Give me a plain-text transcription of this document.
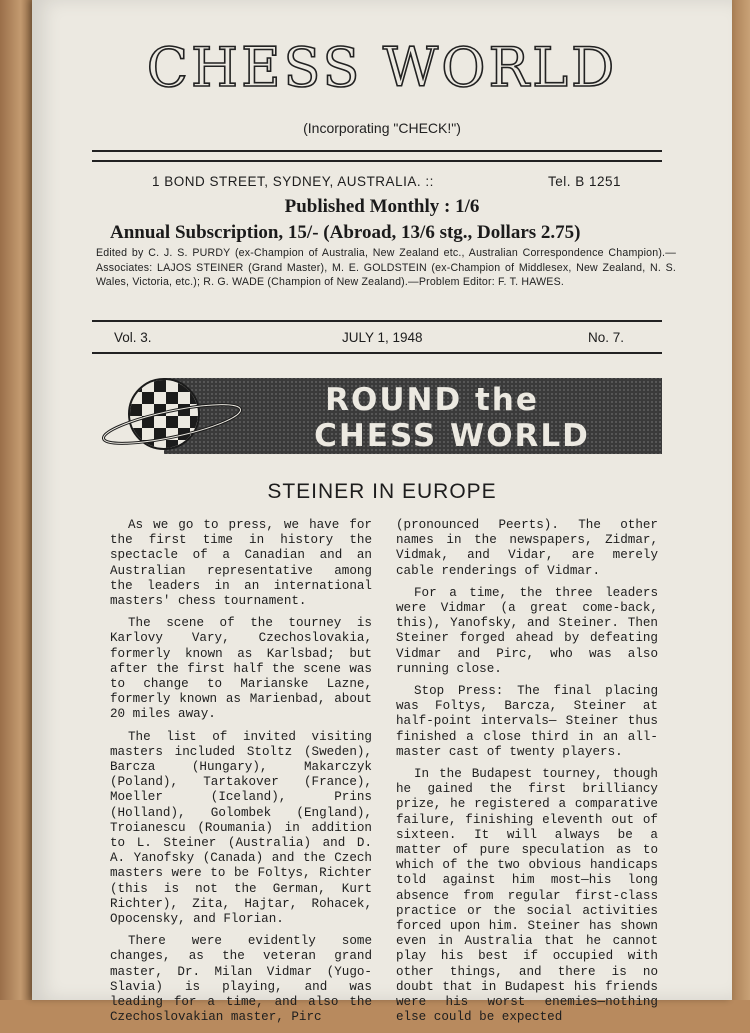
CHESS WORLD
(Incorporating "CHECK!")
1 BOND STREET, SYDNEY, AUSTRALIA. ::	Tel. B 1251
Published Monthly : 1/6
Annual Subscription, 15/- (Abroad, 13/6 stg., Dollars 2.75)
Edited by C. J. S. PURDY (ex-Champion of Australia, New Zealand etc., Australian Correspondence Champion).—Associates: LAJOS STEINER (Grand Master), M. E. GOLDSTEIN (ex-Champion of Middlesex, New Zealand, N. S. Wales, Victoria, etc.); R. G. WADE (Champion of New Zealand).—Problem Editor: F. T. HAWES.
Vol. 3.	JULY 1, 1948	No. 7.
ROUND the
CHESS WORLD
STEINER IN EUROPE

As we go to press, we have for the first time in history the spectacle of a Canadian and an Australian representative among the leaders in an international masters' chess tournament.

The scene of the tourney is Karlovy Vary, Czechoslovakia, formerly known as Karlsbad; but after the first half the scene was to change to Marianske Lazne, formerly known as Marienbad, about 20 miles away.

The list of invited visiting masters included Stoltz (Sweden), Barcza (Hungary), Makarczyk (Poland), Tartakover (France), Moeller (Iceland), Prins (Holland), Golombek (England), Troianescu (Roumania) in addition to L. Steiner (Australia) and D. A. Yanofsky (Canada) and the Czech masters were to be Foltys, Richter (this is not the German, Kurt Richter), Zita, Hajtar, Rohacek, Opocensky, and Florian.

There were evidently some changes, as the veteran grand master, Dr. Milan Vidmar (Yugo-Slavia) is playing, and was leading for a time, and also the Czechoslovakian master, Pirc

(pronounced Peerts). The other names in the newspapers, Zidmar, Vidmak, and Vidar, are merely cable renderings of Vidmar.

For a time, the three leaders were Vidmar (a great come-back, this), Yanofsky, and Steiner. Then Steiner forged ahead by defeating Vidmar and Pirc, who was also running close.

Stop Press: The final placing was Foltys, Barcza, Steiner at half-point intervals— Steiner thus finished a close third in an all-master cast of twenty players.

In the Budapest tourney, though he gained the first brilliancy prize, he registered a comparative failure, finishing eleventh out of sixteen. It will always be a matter of pure speculation as to which of the two obvious handicaps told against him most—his long absence from regular first-class practice or the social activities forced upon him. Steiner has shown even in Australia that he cannot play his best if occupied with other things, and there is no doubt that in Budapest his friends were his worst enemies—nothing else could be expected
